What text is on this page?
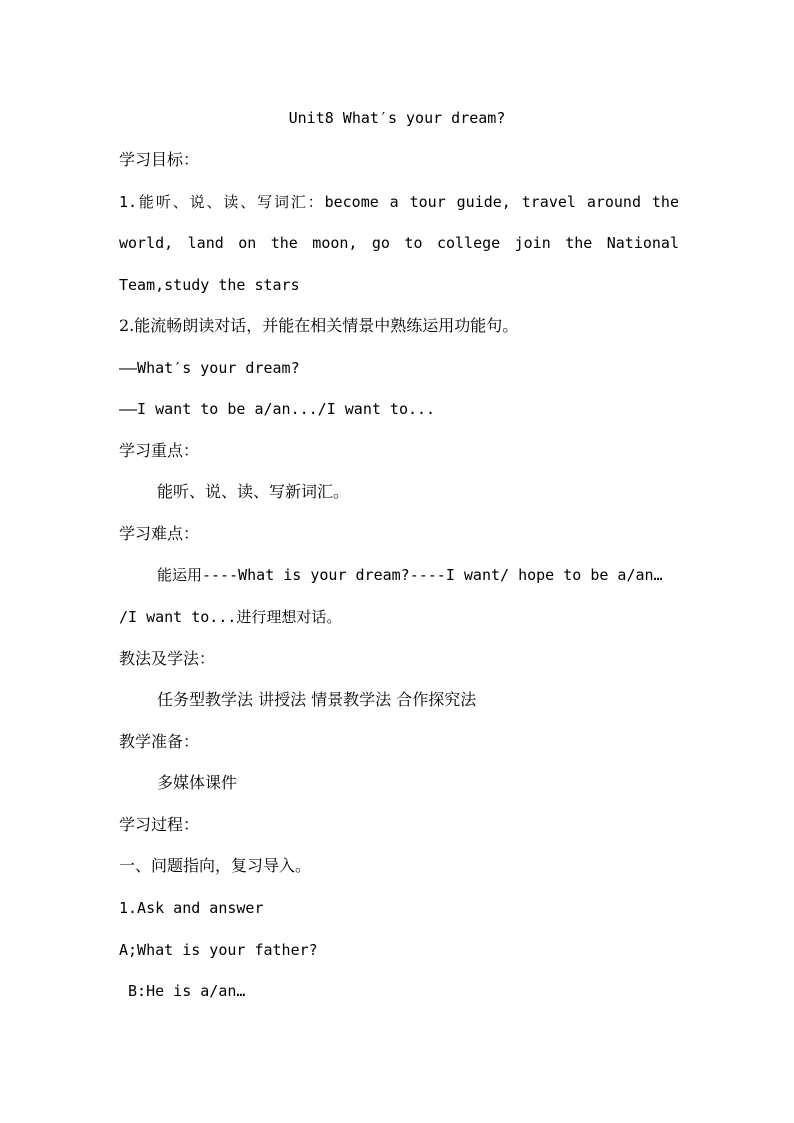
Unit8 What′s your dream?
学习目标：
1.能听、说、读、写词汇：become a tour guide, travel around the
world, land on the moon, go to college join the National
Team,study the stars
2.能流畅朗读对话，并能在相关情景中熟练运用功能句。
——What′s your dream?
——I want to be a/an.../I want to...
学习重点：
能听、说、读、写新词汇。
学习难点：
能运用----What is your dream?----I want/ hope to be a/an…
/I want to...进行理想对话。
教法及学法：
任务型教学法 讲授法 情景教学法 合作探究法
教学准备：
多媒体课件
学习过程：
一、问题指向，复习导入。
1.Ask and answer
A;What is your father?
B:He is a/an…
